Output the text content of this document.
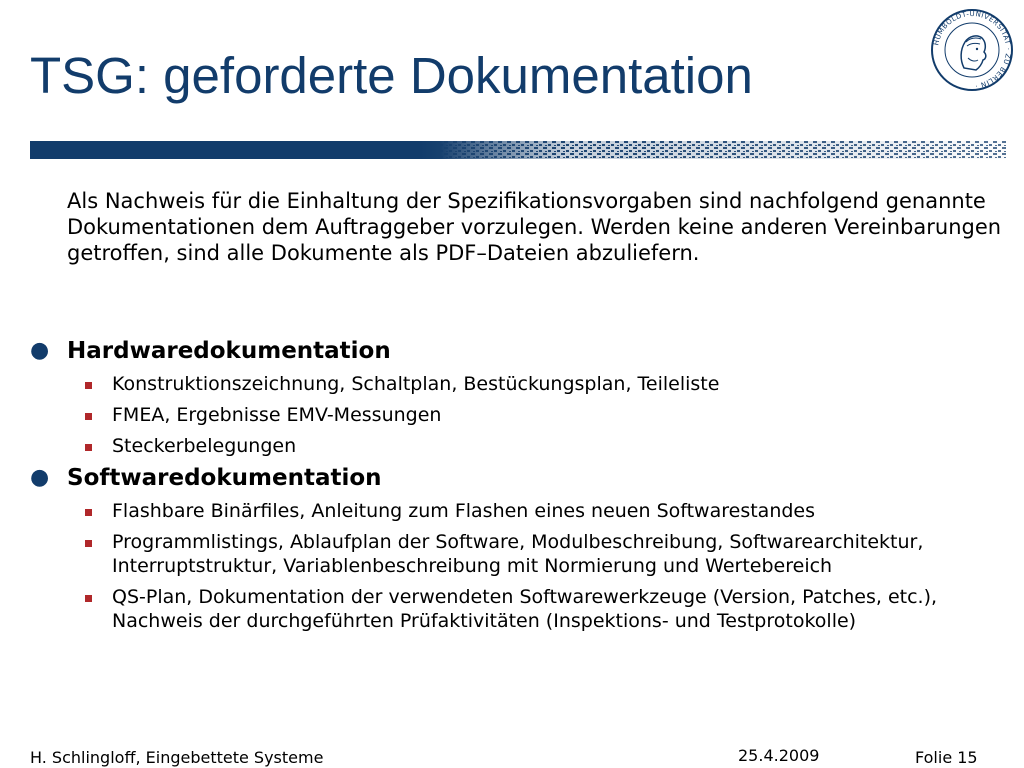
TSG: geforderte Dokumentation
HUMBOLDT-UNIVERSITÄT · ZU BERLIN ·

Als Nachweis für die Einhaltung der Spezifikationsvorgaben sind nachfolgend genannte Dokumentationen dem Auftraggeber vorzulegen. Werden keine anderen Vereinbarungen getroffen, sind alle Dokumente als PDF–Dateien abzuliefern.

● Hardwaredokumentation
Konstruktionszeichnung, Schaltplan, Bestückungsplan, Teileliste
FMEA, Ergebnisse EMV-Messungen
Steckerbelegungen
● Softwaredokumentation
Flashbare Binärfiles, Anleitung zum Flashen eines neuen Softwarestandes
Programmlistings, Ablaufplan der Software, Modulbeschreibung, Softwarearchitektur, Interruptstruktur, Variablenbeschreibung mit Normierung und Wertebereich
QS-Plan, Dokumentation der verwendeten Softwarewerkzeuge (Version, Patches, etc.), Nachweis der durchgeführten Prüfaktivitäten (Inspektions- und Testprotokolle)
H. Schlingloff, Eingebettete Systeme	25.4.2009	Folie 15
